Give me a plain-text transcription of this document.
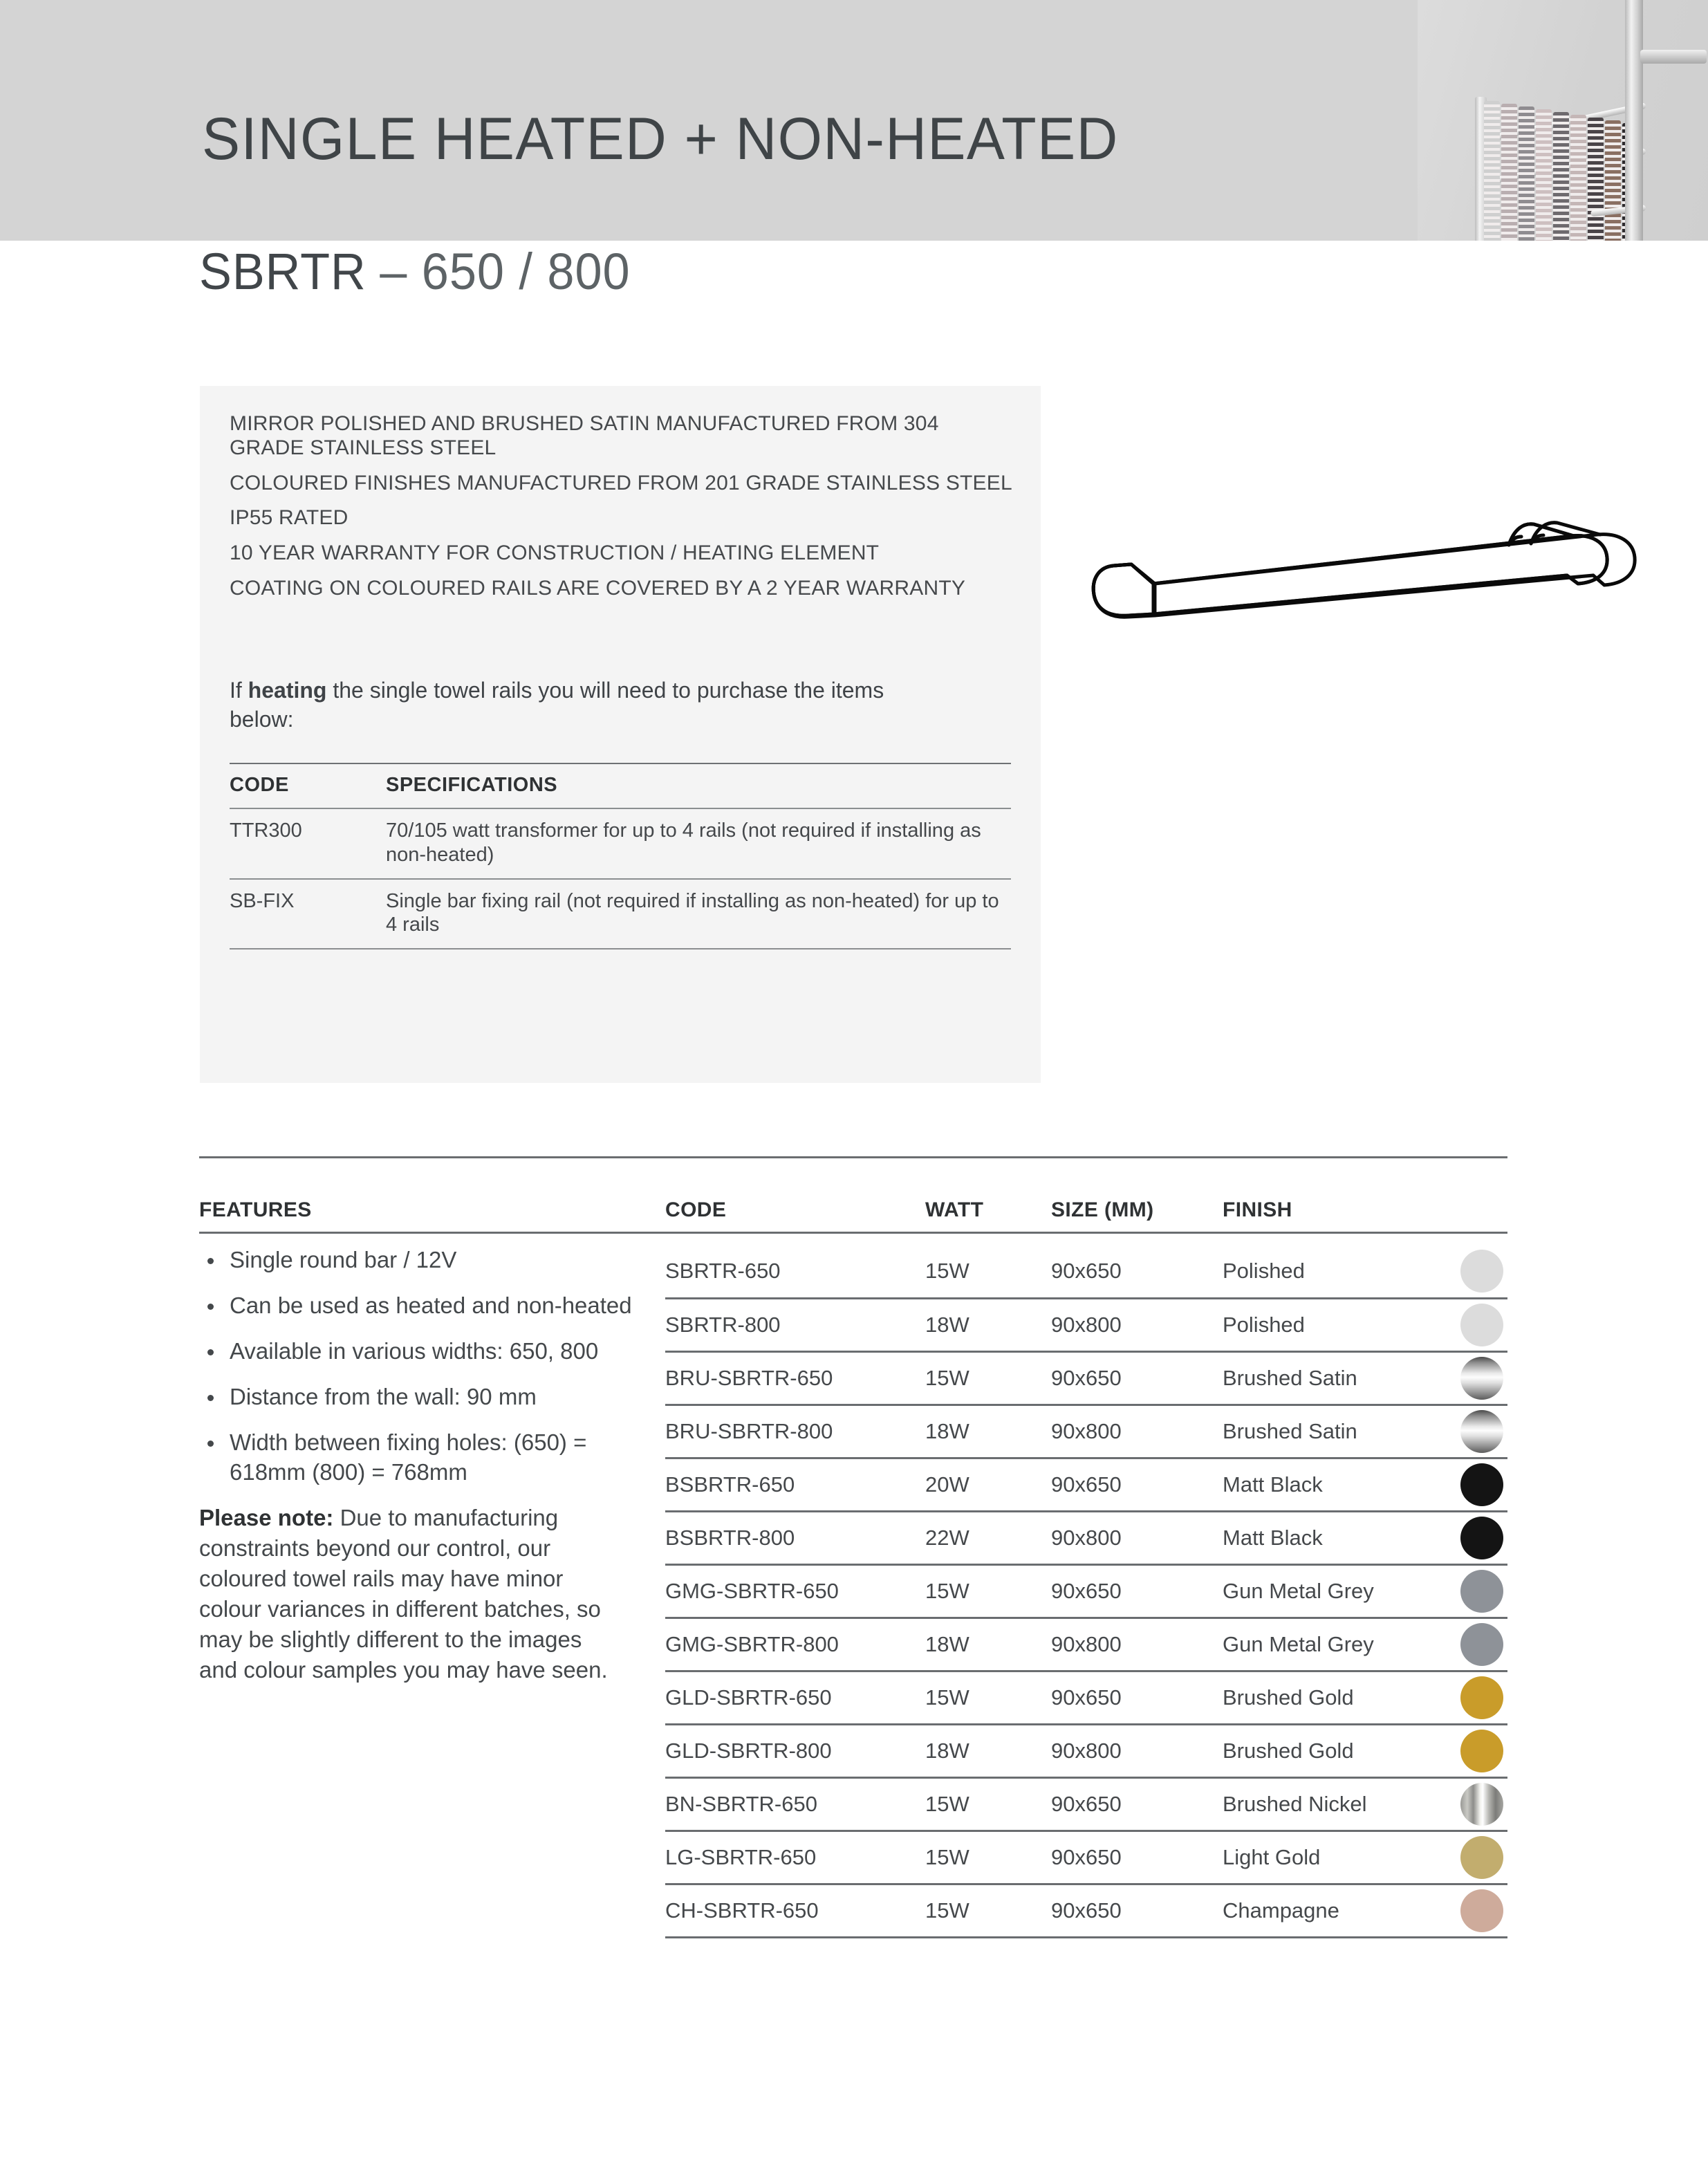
SINGLE HEATED + NON-HEATED
SBRTR – 650 / 800
MIRROR POLISHED AND BRUSHED SATIN MANUFACTURED FROM 304 GRADE STAINLESS STEEL
COLOURED FINISHES MANUFACTURED FROM 201 GRADE STAINLESS STEEL
IP55 RATED
10 YEAR WARRANTY FOR CONSTRUCTION / HEATING ELEMENT
COATING ON COLOURED RAILS ARE COVERED BY A 2 YEAR WARRANTY
If heating the single towel rails you will need to purchase the items below:
CODE	SPECIFICATIONS
TTR300	70/105 watt transformer for up to 4 rails (not required if installing as non-heated)
SB-FIX	Single bar fixing rail (not required if installing as non-heated) for up to 4 rails
FEATURES	CODE	WATT	SIZE (MM)	FINISH
Single round bar / 12V
Can be used as heated and non-heated
Available in various widths: 650, 800
Distance from the wall: 90 mm
Width between fixing holes: (650) = 618mm (800) = 768mm

Please note: Due to manufacturing constraints beyond our control, our coloured towel rails may have minor colour variances in different batches, so may be slightly different to the images and colour samples you may have seen.

SBRTR-650	15W	90x650	Polished	

SBRTR-800	18W	90x800	Polished	

BRU-SBRTR-650	15W	90x650	Brushed Satin	

BRU-SBRTR-800	18W	90x800	Brushed Satin	

BSBRTR-650	20W	90x650	Matt Black	

BSBRTR-800	22W	90x800	Matt Black	

GMG-SBRTR-650	15W	90x650	Gun Metal Grey	

GMG-SBRTR-800	18W	90x800	Gun Metal Grey	

GLD-SBRTR-650	15W	90x650	Brushed Gold	

GLD-SBRTR-800	18W	90x800	Brushed Gold	

BN-SBRTR-650	15W	90x650	Brushed Nickel	

LG-SBRTR-650	15W	90x650	Light Gold	

CH-SBRTR-650	15W	90x650	Champagne	
